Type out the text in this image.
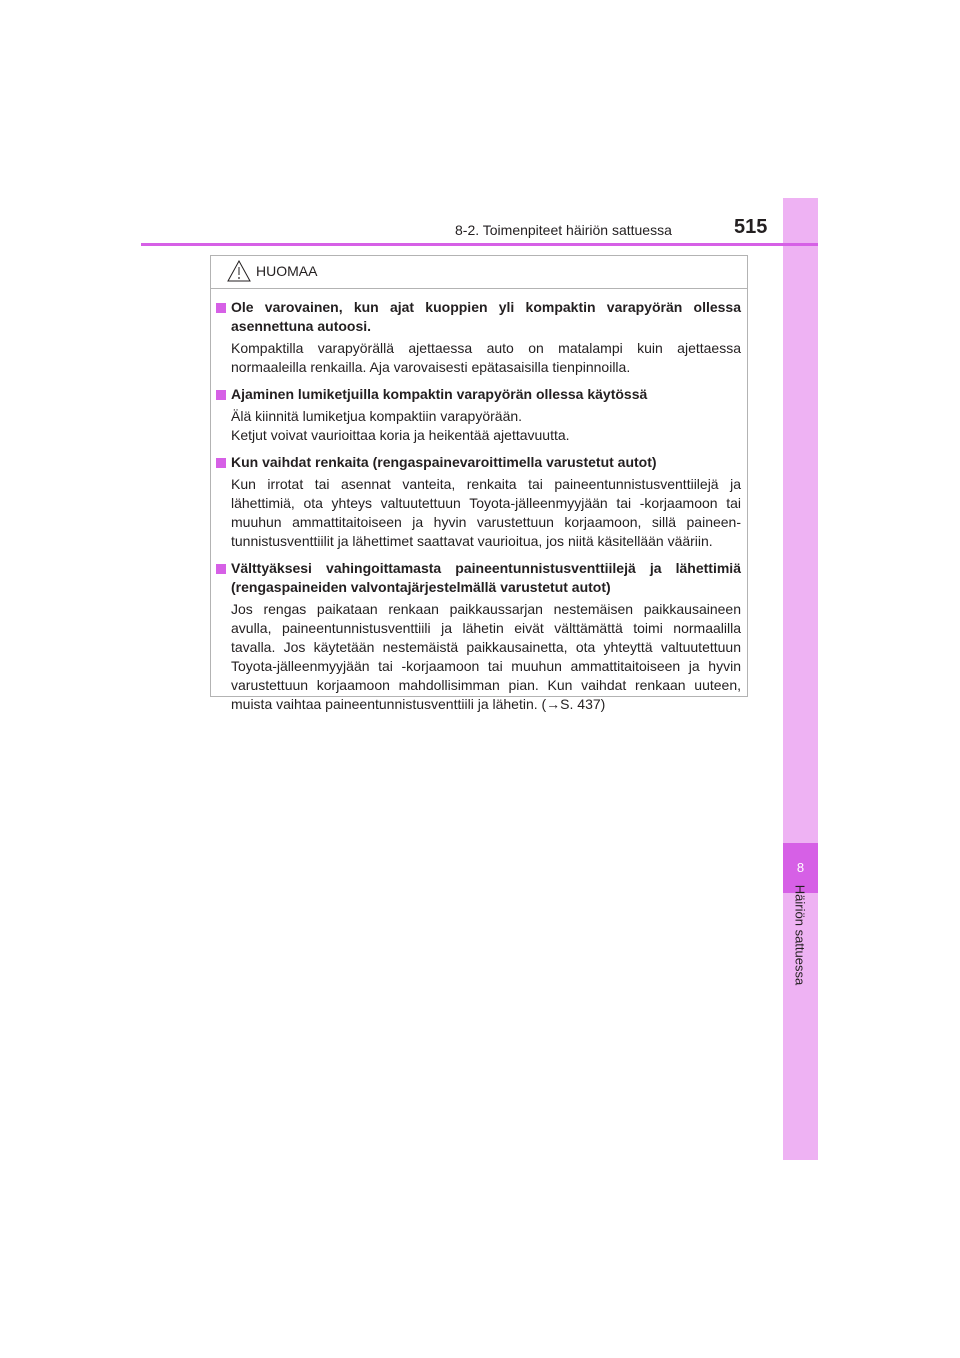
8
Häiriön sattuessa
8-2. Toimenpiteet häiriön sattuessa	515
HUOMAA
Ole varovainen, kun ajat kuoppien yli kompaktin varapyörän ollessa asennettuna autoosi.

Kompaktilla varapyörällä ajettaessa auto on matalampi kuin ajettaessa normaaleilla renkailla. Aja varovaisesti epätasaisilla tienpinnoilla.

Ajaminen lumiketjuilla kompaktin varapyörän ollessa käytössä

Älä kiinnitä lumiketjua kompaktiin varapyörään.

Ketjut voivat vaurioittaa koria ja heikentää ajettavuutta.

Kun vaihdat renkaita (rengaspainevaroittimella varustetut autot)

Kun irrotat tai asennat vanteita, renkaita tai paineentunnistusventtiilejä ja lähettimiä, ota yhteys valtuutettuun Toyota-jälleenmyyjään tai -korjaamoon tai muuhun ammattitaitoiseen ja hyvin varustettuun korjaamoon, sillä paineen-tunnistusventtiilit ja lähettimet saattavat vaurioitua, jos niitä käsitellään vääriin.

Välttyäksesi vahingoittamasta paineentunnistusventtiilejä ja lähettimiä (rengaspaineiden valvontajärjestelmällä varustetut autot)

Jos rengas paikataan renkaan paikkaussarjan nestemäisen paikkausaineen avulla, paineentunnistusventtiili ja lähetin eivät välttämättä toimi normaalilla tavalla. Jos käytetään nestemäistä paikkausainetta, ota yhteyttä valtuutettuun Toyota-jälleenmyyjään tai -korjaamoon tai muuhun ammattitaitoiseen ja hyvin varustettuun korjaamoon mahdollisimman pian. Kun vaihdat renkaan uuteen, muista vaihtaa paineentunnistusventtiili ja lähetin. (→S. 437)
